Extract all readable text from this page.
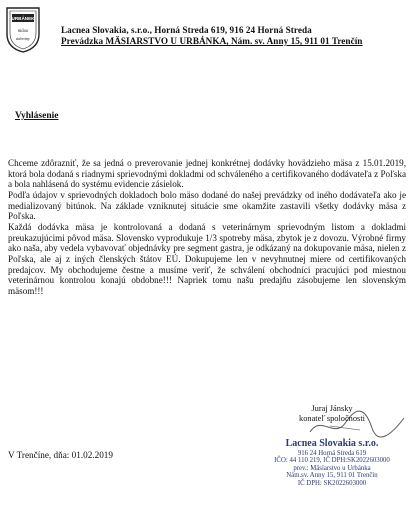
URBÁNEK
mäso
údeniny
Lacnea Slovakia, s.r.o., Horná Streda 619, 916 24 Horná Streda
Prevádzka MÄSIARSTVO U URBÁNKA, Nám. sv. Anny 15, 911 01 Trenčín
Vyhlásenie

Chceme zdôrazniť, že sa jedná o preverovanie jednej konkrétnej dodávky hovädzieho mäsa z 15.01.2019, ktorá bola dodaná s riadnymi sprievodnými dokladmi od schváleného a certifikovaného dodávateľa z Poľska a bola nahlásená do systému evidencie zásielok.

Podľa údajov v sprievodných dokladoch bolo mäso dodané do našej prevádzky od iného dodávateľa ako je medializovaný bitúnok. Na základe vzniknutej situácie sme okamžite zastavili všetky dodávky mäsa z Poľska.

Každá dodávka mäsa je kontrolovaná a dodaná s veterinárnym sprievodným listom a dokladmi preukazujúcimi pôvod mäsa. Slovensko vyprodukuje 1/3 spotreby mäsa, zbytok je z dovozu. Výrobné firmy ako naša, aby vedela vybavovať objednávky pre segment gastra, je odkázaný na dokupovanie mäsa, nielen z Poľska, ale aj z iných členských štátov EÚ. Dokupujeme len v nevyhnutnej miere od certifikovaných predajcov. My obchodujeme čestne a musíme veriť, že schválení obchodníci pracujúci pod miestnou veterinárnou kontrolou konajú obdobne!!! Napriek tomu našu predajňu zásobujeme len slovenským mäsom!!!

Juraj Jánsky
konateľ spoločnosti
V Trenčíne, dňa: 01.02.2019
Lacnea Slovakia s.r.o.
916 24 Horná Streda 619
IČO: 44 110 219, IČ DPH:SK2022603000
prev.: Mäsiarstvo u Urbánka
Nám.sv. Anny 15, 911 01 Trenčín
IČ DPH: SK2022603000
